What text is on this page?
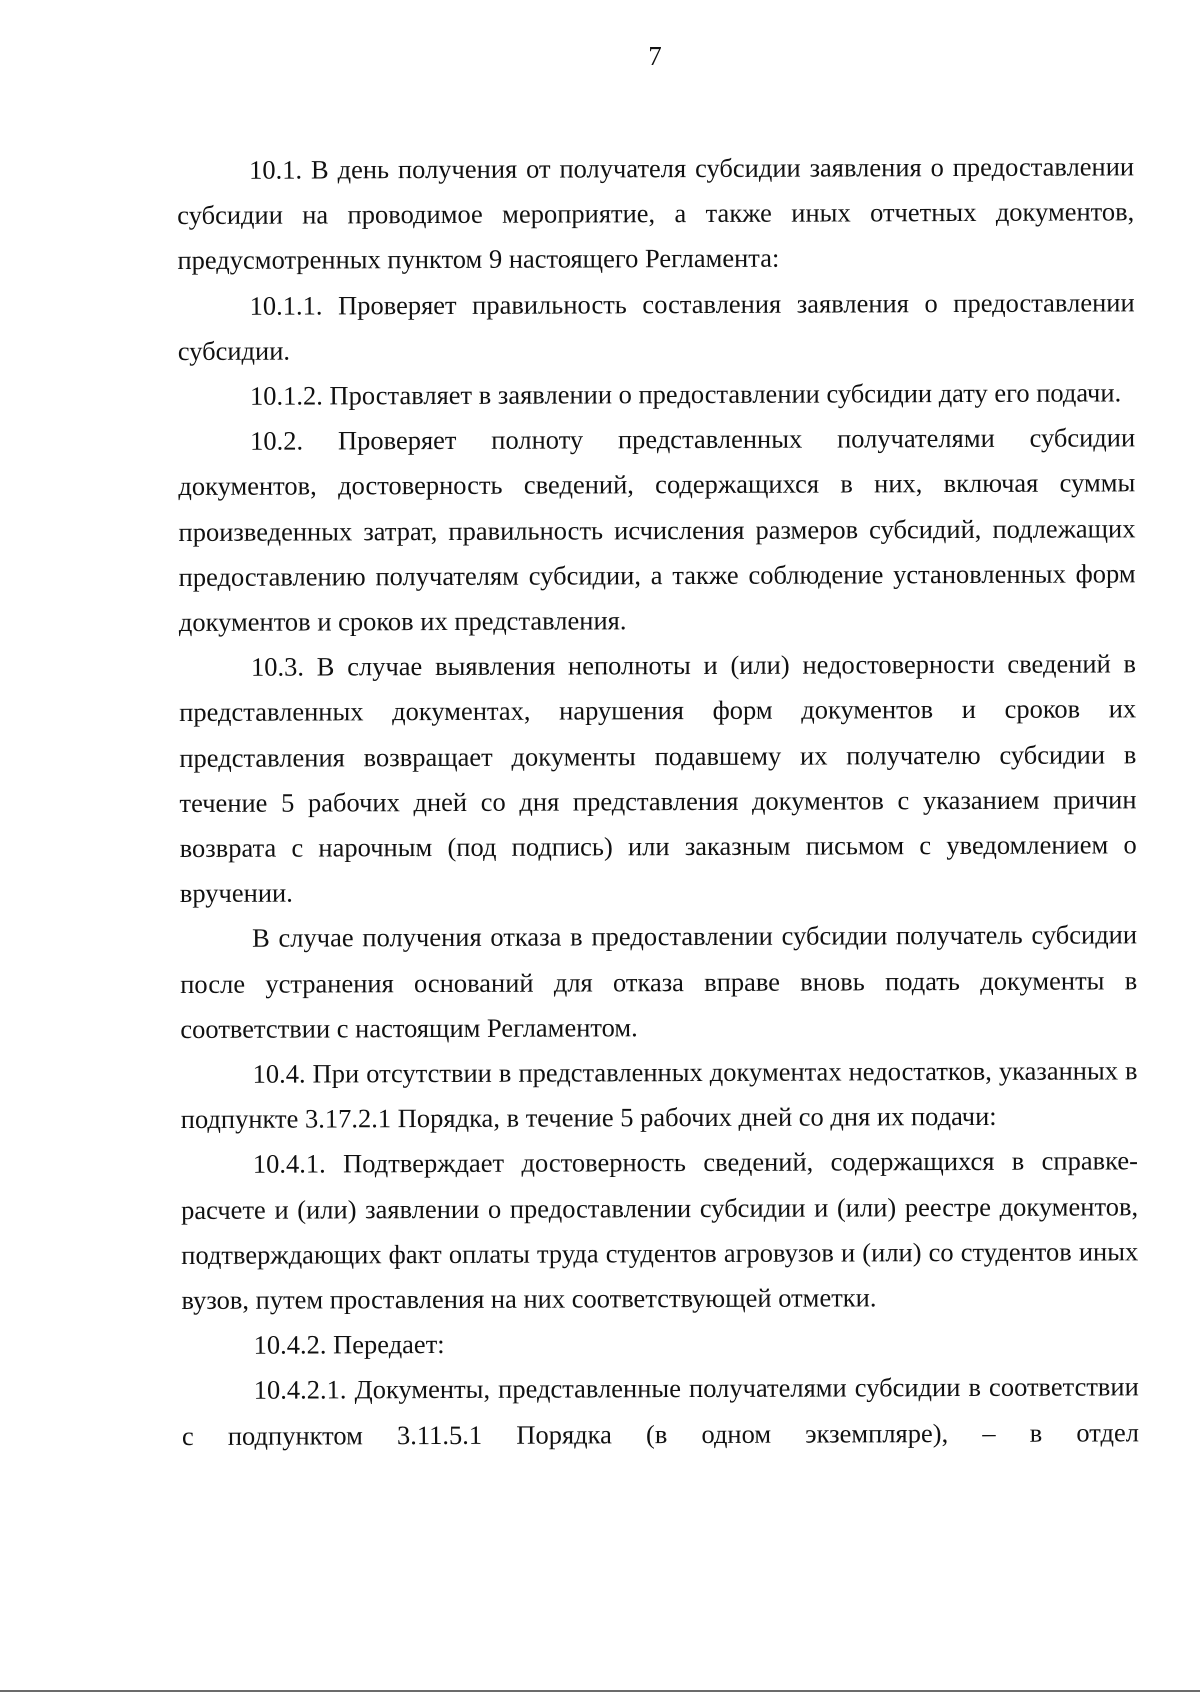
7

10.1. В день получения от получателя субсидии заявления о предоставлении субсидии на проводимое мероприятие, а также иных отчетных документов, предусмотренных пунктом 9 настоящего Регламента:

10.1.1. Проверяет правильность составления заявления о предоставлении субсидии.

10.1.2. Проставляет в заявлении о предоставлении субсидии дату его подачи.

10.2. Проверяет полноту представленных получателями субсидии документов, достоверность сведений, содержащихся в них, включая суммы произведенных затрат, правильность исчисления размеров субсидий, подлежащих предоставлению получателям субсидии, а также соблюдение установленных форм документов и сроков их представления.

10.3. В случае выявления неполноты и (или) недостоверности сведений в представленных документах, нарушения форм документов и сроков их представления возвращает документы подавшему их получателю субсидии в течение 5 рабочих дней со дня представления документов с указанием причин возврата с нарочным (под подпись) или заказным письмом с уведомлением о вручении.

В случае получения отказа в предоставлении субсидии получатель субсидии после устранения оснований для отказа вправе вновь подать документы в соответствии с настоящим Регламентом.

10.4. При отсутствии в представленных документах недостатков, указанных в подпункте 3.17.2.1 Порядка, в течение 5 рабочих дней со дня их подачи:

10.4.1. Подтверждает достоверность сведений, содержащихся в справке-расчете и (или) заявлении о предоставлении субсидии и (или) реестре документов, подтверждающих факт оплаты труда студентов агровузов и (или) со студентов иных вузов, путем проставления на них соответствующей отметки.

10.4.2. Передает:

10.4.2.1. Документы, представленные получателями субсидии в соответствии с подпунктом 3.11.5.1 Порядка (в одном экземпляре), – в отдел
